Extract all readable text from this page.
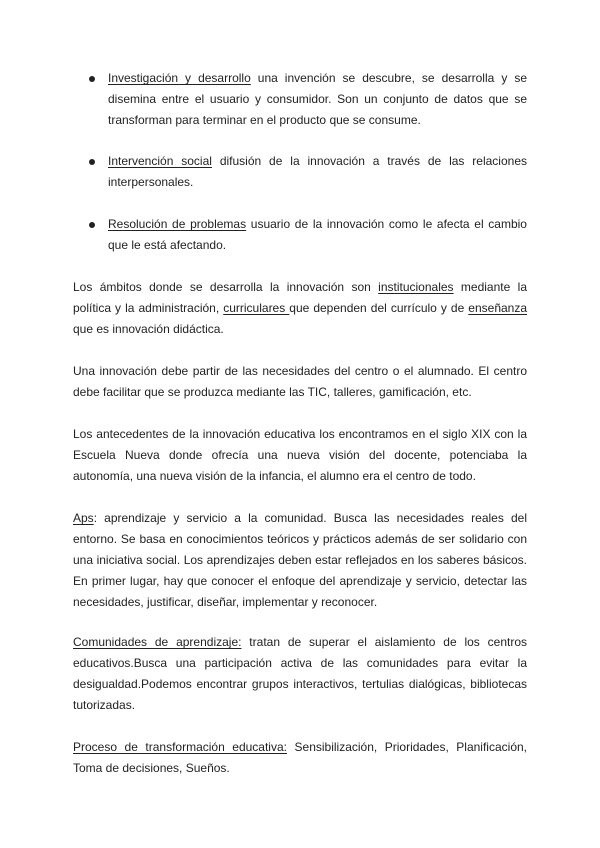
Investigación y desarrollo una invención se descubre, se desarrolla y se disemina entre el usuario y consumidor. Son un conjunto de datos que se transforman para terminar en el producto que se consume.

Intervención social difusión de la innovación a través de las relaciones interpersonales.

Resolución de problemas usuario de la innovación como le afecta el cambio que le está afectando.

Los ámbitos donde se desarrolla la innovación son institucionales mediante la política y la administración, curriculares que dependen del currículo y de enseñanza que es innovación didáctica.

Una innovación debe partir de las necesidades del centro o el alumnado. El centro debe facilitar que se produzca mediante las TIC, talleres, gamificación, etc.

Los antecedentes de la innovación educativa los encontramos en el siglo XIX con la Escuela Nueva donde ofrecía una nueva visión del docente, potenciaba la autonomía, una nueva visión de la infancia, el alumno era el centro de todo.

Aps: aprendizaje y servicio a la comunidad. Busca las necesidades reales del entorno. Se basa en conocimientos teóricos y prácticos además de ser solidario con una iniciativa social. Los aprendizajes deben estar reflejados en los saberes básicos. En primer lugar, hay que conocer el enfoque del aprendizaje y servicio, detectar las necesidades, justificar, diseñar, implementar y reconocer.

Comunidades de aprendizaje: tratan de superar el aislamiento de los centros educativos.Busca una participación activa de las comunidades para evitar la desigualdad.Podemos encontrar grupos interactivos, tertulias dialógicas, bibliotecas tutorizadas.

Proceso de transformación educativa: Sensibilización, Prioridades, Planificación, Toma de decisiones, Sueños.
